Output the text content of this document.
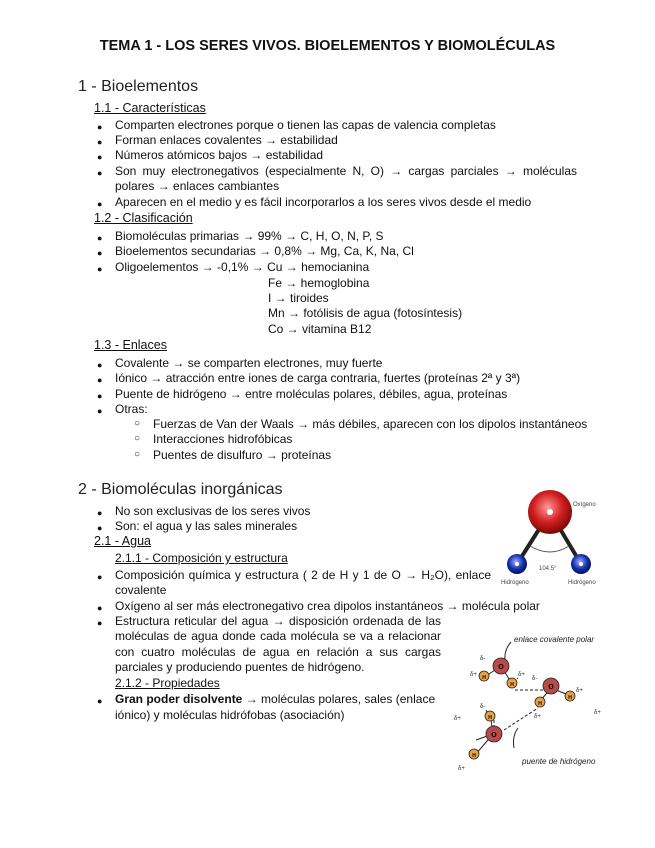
TEMA 1 - LOS SERES VIVOS. BIOELEMENTOS Y BIOMOLÉCULAS
1 - Bioelementos
1.1 - Características
● Comparten electrones porque o tienen las capas de valencia completas
● Forman enlaces covalentes → estabilidad
● Números atómicos bajos → estabilidad
● Son muy electronegativos (especialmente N, O) → cargas parciales → moléculas
polares → enlaces cambiantes
● Aparecen en el medio y es fácil incorporarlos a los seres vivos desde el medio
1.2 - Clasificación
● Biomoléculas primarias → 99% → C, H, O, N, P, S
● Bioelementos secundarias → 0,8% → Mg, Ca, K, Na, Cl
● Oligoelementos → -0,1% → Cu → hemocianina
Fe → hemoglobina
I → tiroides
Mn → fotólisis de agua (fotosíntesis)
Co → vitamina B12
1.3 - Enlaces
● Covalente → se comparten electrones, muy fuerte
● Iónico → atracción entre iones de carga contraria, fuertes (proteínas 2ª y 3ª)
● Puente de hidrógeno → entre moléculas polares, débiles, agua, proteínas
● Otras:
○ Fuerzas de Van der Waals → más débiles, aparecen con los dipolos instantáneos
○ Interacciones hidrofóbicas
○ Puentes de disulfuro → proteínas
2 - Biomoléculas inorgánicas
● No son exclusivas de los seres vivos
● Son: el agua y las sales minerales
2.1 - Agua
2.1.1 - Composición y estructura
● Composición química y estructura ( 2 de H y 1 de O → H₂O), enlace
covalente
● Oxígeno al ser más electronegativo crea dipolos instantáneos → molécula polar
● Estructura reticular del agua → disposición ordenada de las
moléculas de agua donde cada molécula se va a relacionar
con cuatro moléculas de agua en relación a sus cargas
parciales y produciendo puentes de hidrógeno.
2.1.2 - Propiedades
● Gran poder disolvente → moléculas polares, sales (enlace
iónico) y moléculas hidrófobas (asociación)
Oxígeno
104.5°
Hidrógeno	Hidrógeno
O
H
H	O
H
H
O
H
H
δ-
δ+	δ+
δ-
δ+
δ+
δ+
δ+
δ-
δ+
enlace covalente polar
puente de hidrógeno
